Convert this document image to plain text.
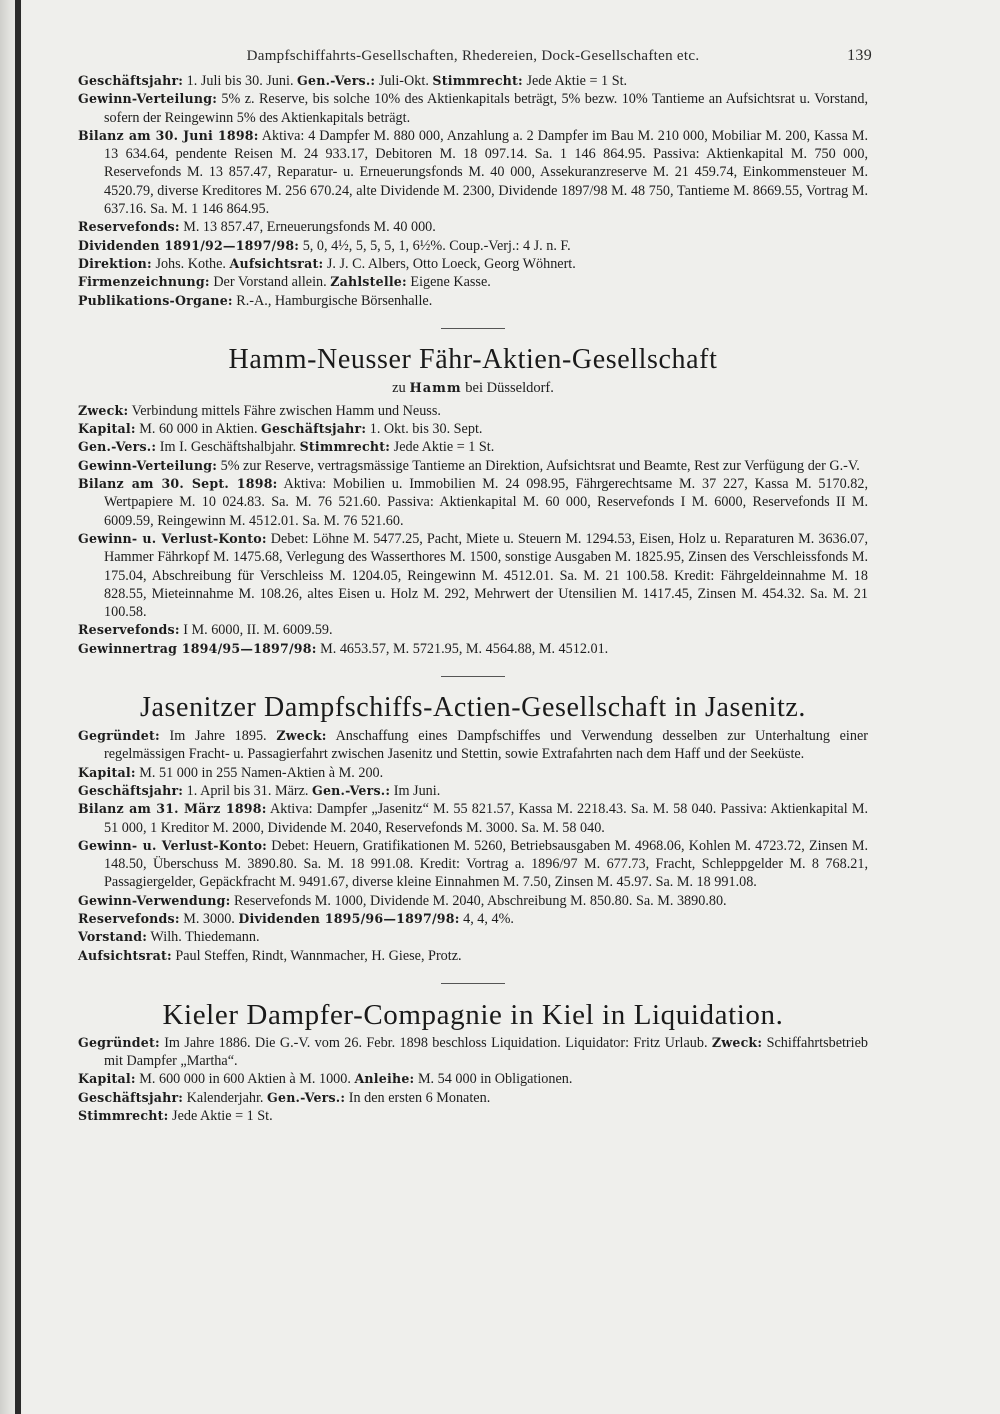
Dampfschiffahrts-Gesellschaften, Rhedereien, Dock-Gesellschaften etc.	139

Geschäftsjahr: 1. Juli bis 30. Juni. Gen.-Vers.: Juli-Okt. Stimmrecht: Jede Aktie = 1 St.

Gewinn-Verteilung: 5% z. Reserve, bis solche 10% des Aktienkapitals beträgt, 5% bezw. 10% Tantieme an Aufsichtsrat u. Vorstand, sofern der Reingewinn 5% des Aktienkapitals beträgt.

Bilanz am 30. Juni 1898: Aktiva: 4 Dampfer M. 880 000, Anzahlung a. 2 Dampfer im Bau M. 210 000, Mobiliar M. 200, Kassa M. 13 634.64, pendente Reisen M. 24 933.17, Debitoren M. 18 097.14. Sa. 1 146 864.95. Passiva: Aktienkapital M. 750 000, Reservefonds M. 13 857.47, Reparatur- u. Erneuerungsfonds M. 40 000, Assekuranzreserve M. 21 459.74, Einkommensteuer M. 4520.79, diverse Kreditores M. 256 670.24, alte Dividende M. 2300, Dividende 1897/98 M. 48 750, Tantieme M. 8669.55, Vortrag M. 637.16. Sa. M. 1 146 864.95.

Reservefonds: M. 13 857.47, Erneuerungsfonds M. 40 000.

Dividenden 1891/92—1897/98: 5, 0, 4½, 5, 5, 5, 1, 6½%. Coup.-Verj.: 4 J. n. F.

Direktion: Johs. Kothe. Aufsichtsrat: J. J. C. Albers, Otto Loeck, Georg Wöhnert.

Firmenzeichnung: Der Vorstand allein. Zahlstelle: Eigene Kasse.

Publikations-Organe: R.-A., Hamburgische Börsenhalle.

Hamm-Neusser Fähr-Aktien-Gesellschaft
zu Hamm bei Düsseldorf.

Zweck: Verbindung mittels Fähre zwischen Hamm und Neuss.

Kapital: M. 60 000 in Aktien. Geschäftsjahr: 1. Okt. bis 30. Sept.

Gen.-Vers.: Im I. Geschäftshalbjahr. Stimmrecht: Jede Aktie = 1 St.

Gewinn-Verteilung: 5% zur Reserve, vertragsmässige Tantieme an Direktion, Aufsichtsrat und Beamte, Rest zur Verfügung der G.-V.

Bilanz am 30. Sept. 1898: Aktiva: Mobilien u. Immobilien M. 24 098.95, Fährgerechtsame M. 37 227, Kassa M. 5170.82, Wertpapiere M. 10 024.83. Sa. M. 76 521.60. Passiva: Aktienkapital M. 60 000, Reservefonds I M. 6000, Reservefonds II M. 6009.59, Reingewinn M. 4512.01. Sa. M. 76 521.60.

Gewinn- u. Verlust-Konto: Debet: Löhne M. 5477.25, Pacht, Miete u. Steuern M. 1294.53, Eisen, Holz u. Reparaturen M. 3636.07, Hammer Fährkopf M. 1475.68, Verlegung des Wasserthores M. 1500, sonstige Ausgaben M. 1825.95, Zinsen des Verschleissfonds M. 175.04, Abschreibung für Verschleiss M. 1204.05, Reingewinn M. 4512.01. Sa. M. 21 100.58. Kredit: Fährgeldeinnahme M. 18 828.55, Mieteinnahme M. 108.26, altes Eisen u. Holz M. 292, Mehrwert der Utensilien M. 1417.45, Zinsen M. 454.32. Sa. M. 21 100.58.

Reservefonds: I M. 6000, II. M. 6009.59.

Gewinnertrag 1894/95—1897/98: M. 4653.57, M. 5721.95, M. 4564.88, M. 4512.01.

Jasenitzer Dampfschiffs-Actien-Gesellschaft in Jasenitz.

Gegründet: Im Jahre 1895. Zweck: Anschaffung eines Dampfschiffes und Verwendung desselben zur Unterhaltung einer regelmässigen Fracht- u. Passagierfahrt zwischen Jasenitz und Stettin, sowie Extrafahrten nach dem Haff und der Seeküste.

Kapital: M. 51 000 in 255 Namen-Aktien à M. 200.

Geschäftsjahr: 1. April bis 31. März. Gen.-Vers.: Im Juni.

Bilanz am 31. März 1898: Aktiva: Dampfer „Jasenitz“ M. 55 821.57, Kassa M. 2218.43. Sa. M. 58 040. Passiva: Aktienkapital M. 51 000, 1 Kreditor M. 2000, Dividende M. 2040, Reservefonds M. 3000. Sa. M. 58 040.

Gewinn- u. Verlust-Konto: Debet: Heuern, Gratifikationen M. 5260, Betriebsausgaben M. 4968.06, Kohlen M. 4723.72, Zinsen M. 148.50, Überschuss M. 3890.80. Sa. M. 18 991.08. Kredit: Vortrag a. 1896/97 M. 677.73, Fracht, Schleppgelder M. 8 768.21, Passagiergelder, Gepäckfracht M. 9491.67, diverse kleine Einnahmen M. 7.50, Zinsen M. 45.97. Sa. M. 18 991.08.

Gewinn-Verwendung: Reservefonds M. 1000, Dividende M. 2040, Abschreibung M. 850.80. Sa. M. 3890.80.

Reservefonds: M. 3000. Dividenden 1895/96—1897/98: 4, 4, 4%.

Vorstand: Wilh. Thiedemann.

Aufsichtsrat: Paul Steffen, Rindt, Wannmacher, H. Giese, Protz.

Kieler Dampfer-Compagnie in Kiel in Liquidation.

Gegründet: Im Jahre 1886. Die G.-V. vom 26. Febr. 1898 beschloss Liquidation. Liquidator: Fritz Urlaub. Zweck: Schiffahrtsbetrieb mit Dampfer „Martha“.

Kapital: M. 600 000 in 600 Aktien à M. 1000. Anleihe: M. 54 000 in Obligationen.

Geschäftsjahr: Kalenderjahr. Gen.-Vers.: In den ersten 6 Monaten.

Stimmrecht: Jede Aktie = 1 St.
